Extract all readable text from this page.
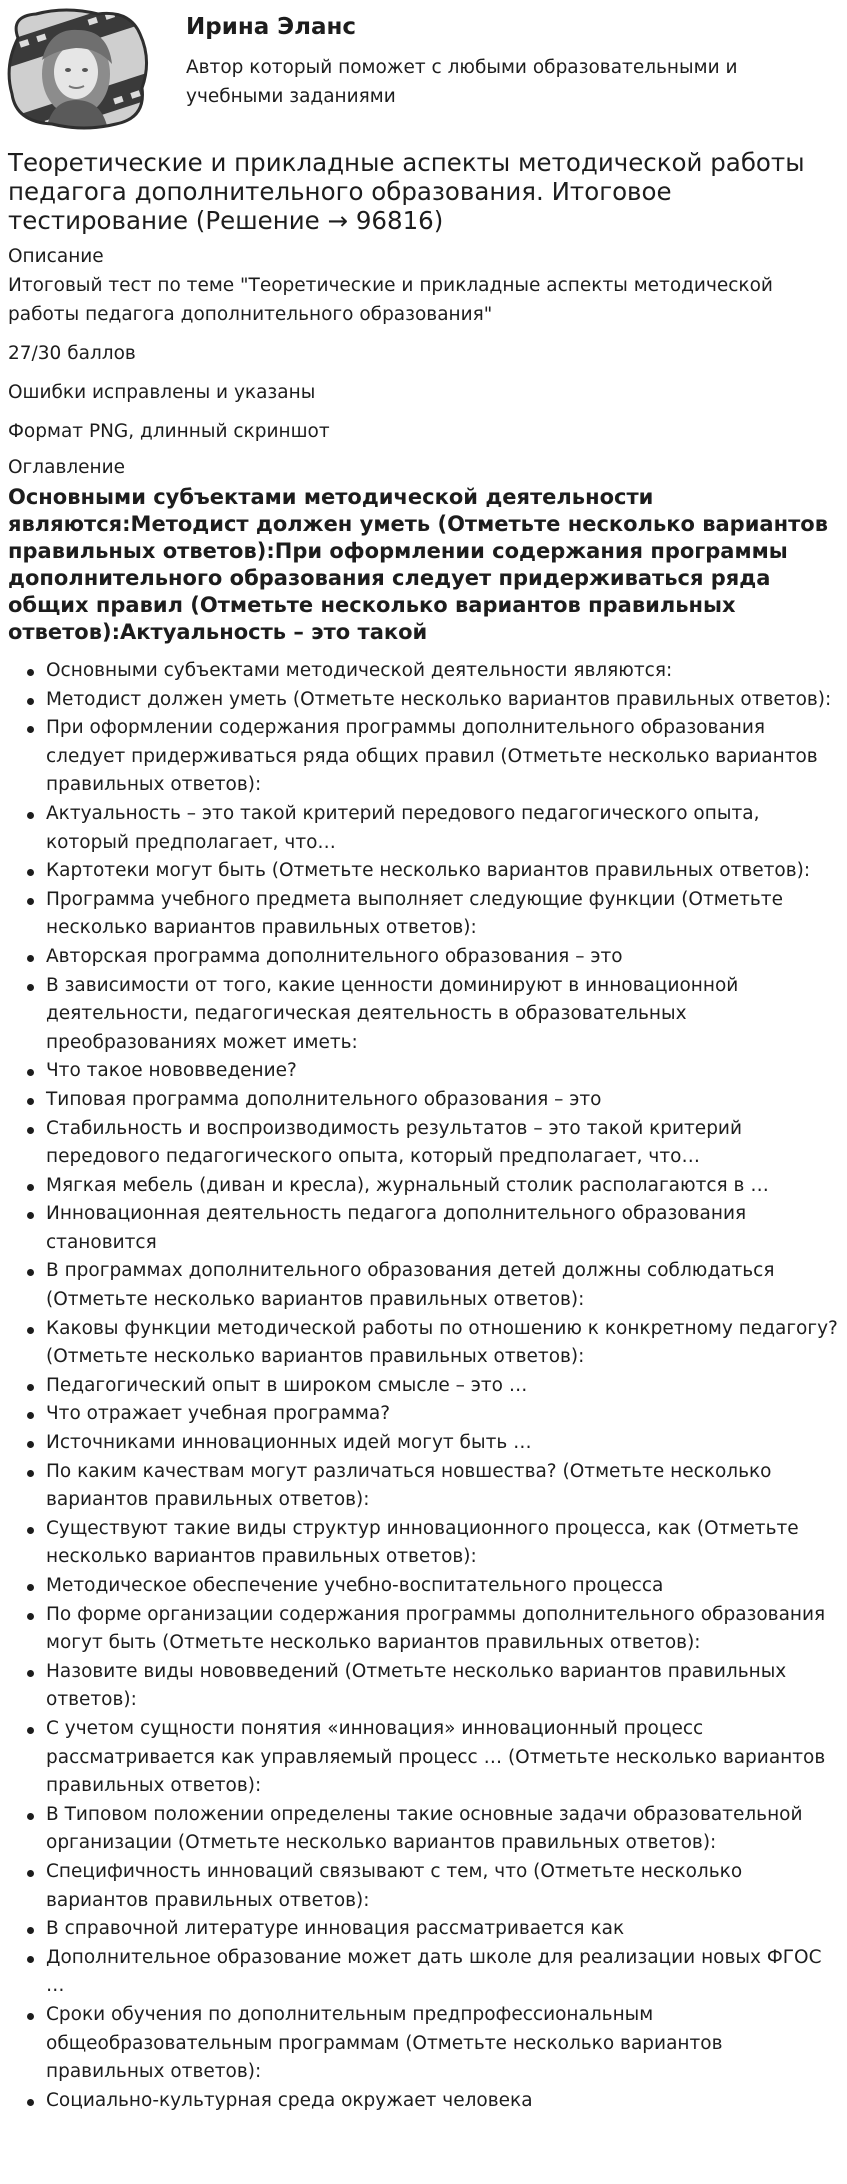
Ирина Эланс
Автор который поможет с любыми образовательными и учебными заданиями
Теоретические и прикладные аспекты методической работы педагога дополнительного образования. Итоговое тестирование (Решение → 96816)
Описание

Итоговый тест по теме "Теоретические и прикладные аспекты методической работы педагога дополнительного образования"

27/30 баллов

Ошибки исправлены и указаны

Формат PNG, длинный скриншот

Оглавление
Основными субъектами методической деятельности являются:Методист должен уметь (Отметьте несколько вариантов правильных ответов):При оформлении содержания программы дополнительного образования следует придерживаться ряда общих правил (Отметьте несколько вариантов правильных ответов):Актуальность – это такой
Основными субъектами методической деятельности являются:
Методист должен уметь (Отметьте несколько вариантов правильных ответов):
При оформлении содержания программы дополнительного образования следует придерживаться ряда общих правил (Отметьте несколько вариантов правильных ответов):
Актуальность – это такой критерий передового педагогического опыта, который предполагает, что…
Картотеки могут быть (Отметьте несколько вариантов правильных ответов):
Программа учебного предмета выполняет следующие функции (Отметьте несколько вариантов правильных ответов):
Авторская программа дополнительного образования – это
В зависимости от того, какие ценности доминируют в инновационной деятельности, педагогическая деятельность в образовательных преобразованиях может иметь:
Что такое нововведение?
Типовая программа дополнительного образования – это
Стабильность и воспроизводимость результатов – это такой критерий передового педагогического опыта, который предполагает, что…
Мягкая мебель (диван и кресла), журнальный столик располагаются в …
Инновационная деятельность педагога дополнительного образования становится
В программах дополнительного образования детей должны соблюдаться (Отметьте несколько вариантов правильных ответов):
Каковы функции методической работы по отношению к конкретному педагогу? (Отметьте несколько вариантов правильных ответов):
Педагогический опыт в широком смысле – это …
Что отражает учебная программа?
Источниками инновационных идей могут быть …
По каким качествам могут различаться новшества? (Отметьте несколько вариантов правильных ответов):
Существуют такие виды структур инновационного процесса, как (Отметьте несколько вариантов правильных ответов):
Методическое обеспечение учебно-воспитательного процесса
По форме организации содержания программы дополнительного образования могут быть (Отметьте несколько вариантов правильных ответов):
Назовите виды нововведений (Отметьте несколько вариантов правильных ответов):
С учетом сущности понятия «инновация» инновационный процесс рассматривается как управляемый процесс … (Отметьте несколько вариантов правильных ответов):
В Типовом положении определены такие основные задачи образовательной организации (Отметьте несколько вариантов правильных ответов):
Специфичность инноваций связывают с тем, что (Отметьте несколько вариантов правильных ответов):
В справочной литературе инновация рассматривается как
Дополнительное образование может дать школе для реализации новых ФГОС …
Сроки обучения по дополнительным предпрофессиональным общеобразовательным программам (Отметьте несколько вариантов правильных ответов):
Социально-культурная среда окружает человека
